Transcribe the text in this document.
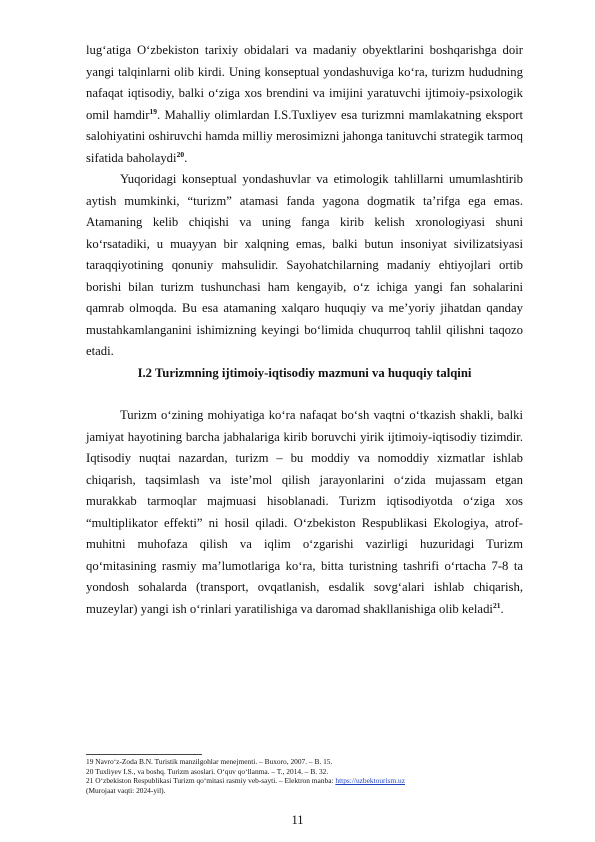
lug‘atiga O‘zbekiston tarixiy obidalari va madaniy obyektlarini boshqarishga doir yangi talqinlarni olib kirdi. Uning konseptual yondashuviga ko‘ra, turizm hududning nafaqat iqtisodiy, balki o‘ziga xos brendini va imijini yaratuvchi ijtimoiy-psixologik omil hamdir$^{19}$. Mahalliy olimlardan I.S.Tuxliyev esa turizmni mamlakatning eksport salohiyatini oshiruvchi hamda milliy merosimizni jahonga tanituvchi strategik tarmoq sifatida baholaydi$^{20}$.

Yuqoridagi konseptual yondashuvlar va etimologik tahlillarni umumlashtirib aytish mumkinki, “turizm” atamasi fanda yagona dogmatik taʼrifga ega emas. Atamaning kelib chiqishi va uning fanga kirib kelish xronologiyasi shuni koʻrsatadiki, u muayyan bir xalqning emas, balki butun insoniyat sivilizatsiyasi taraqqiyotining qonuniy mahsulidir. Sayohatchilarning madaniy ehtiyojlari ortib borishi bilan turizm tushunchasi ham kengayib, o‘z ichiga yangi fan sohalarini qamrab olmoqda. Bu esa atamaning xalqaro huquqiy va me’yoriy jihatdan qanday mustahkamlanganini ishimizning keyingi bo‘limida chuqurroq tahlil qilishni taqozo etadi.

I.2 Turizmning ijtimoiy-iqtisodiy mazmuni va huquqiy talqini

Turizm o‘zining mohiyatiga ko‘ra nafaqat bo‘sh vaqtni o‘tkazish shakli, balki jamiyat hayotining barcha jabhalariga kirib boruvchi yirik ijtimoiy-iqtisodiy tizimdir. Iqtisodiy nuqtai nazardan, turizm – bu moddiy va nomoddiy xizmatlar ishlab chiqarish, taqsimlash va isteʼmol qilish jarayonlarini o‘zida mujassam etgan murakkab tarmoqlar majmuasi hisoblanadi. Turizm iqtisodiyotda o‘ziga xos “multiplikator effekti” ni hosil qiladi. O‘zbekiston Respublikasi Ekologiya, atrof-muhitni muhofaza qilish va iqlim o‘zgarishi vazirligi huzuridagi Turizm qo‘mitasining rasmiy maʼlumotlariga ko‘ra, bitta turistning tashrifi o‘rtacha 7-8 ta yondosh sohalarda (transport, ovqatlanish, esdalik sovg‘alari ishlab chiqarish, muzeylar) yangi ish o‘rinlari yaratilishiga va daromad shakllanishiga olib keladi$^{21}$.

19 Navro‘z-Zoda B.N. Turistik manzilgohlar menejmenti. – Buxoro, 2007. – B. 15.
20 Tuxliyev I.S., va boshq. Turizm asoslari. O‘quv qo‘llanma. – T., 2014. – B. 32.
21 O‘zbekiston Respublikasi Turizm qo‘mitasi rasmiy veb-sayti. – Elektron manba: https://uzbektourism.uz
(Murojaat vaqti: 2024-yil).
11
